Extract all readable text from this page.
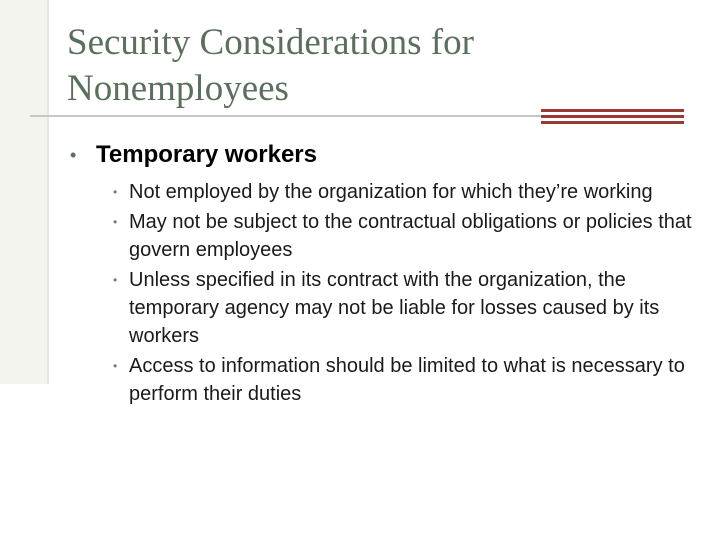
Security Considerations for Nonemployees
• Temporary workers
• Not employed by the organization for which they’re working
• May not be subject to the contractual obligations or policies that govern employees
• Unless specified in its contract with the organization, the temporary agency may not be liable for losses caused by its workers
• Access to information should be limited to what is necessary to perform their duties
